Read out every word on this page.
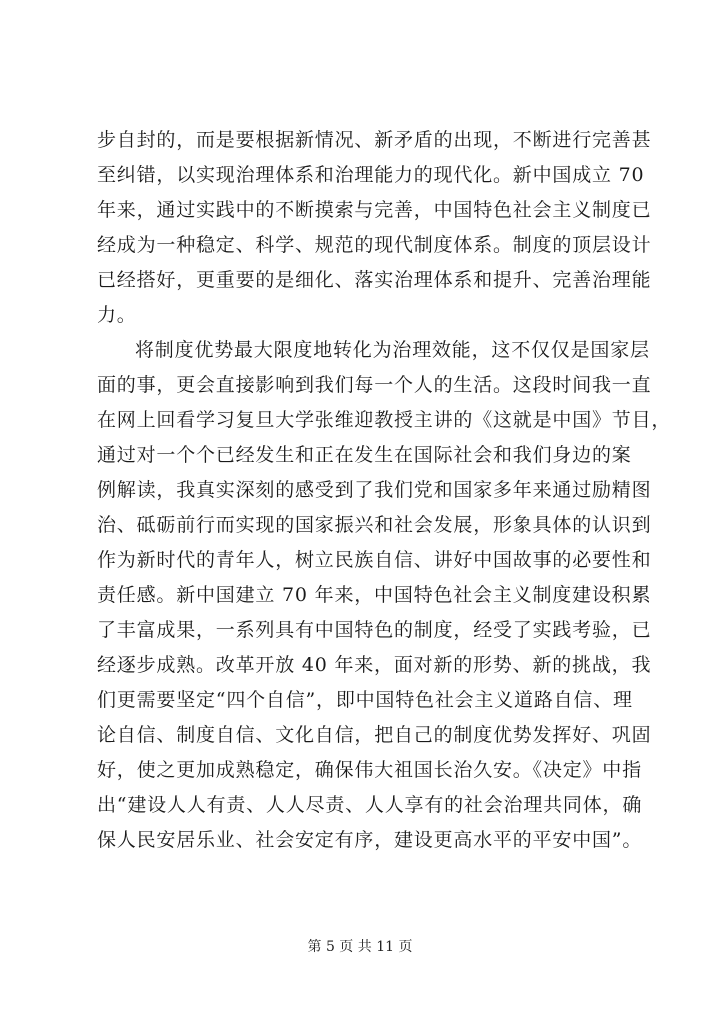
步自封的，而是要根据新情况、新矛盾的出现，不断进行完善甚
至纠错，以实现治理体系和治理能力的现代化。新中国成立 70
年来，通过实践中的不断摸索与完善，中国特色社会主义制度已
经成为一种稳定、科学、规范的现代制度体系。制度的顶层设计
已经搭好，更重要的是细化、落实治理体系和提升、完善治理能
力。
将制度优势最大限度地转化为治理效能，这不仅仅是国家层
面的事，更会直接影响到我们每一个人的生活。这段时间我一直
在网上回看学习复旦大学张维迎教授主讲的《这就是中国》节目，
通过对一个个已经发生和正在发生在国际社会和我们身边的案
例解读，我真实深刻的感受到了我们党和国家多年来通过励精图
治、砥砺前行而实现的国家振兴和社会发展，形象具体的认识到
作为新时代的青年人，树立民族自信、讲好中国故事的必要性和
责任感。新中国建立 70 年来，中国特色社会主义制度建设积累
了丰富成果，一系列具有中国特色的制度，经受了实践考验，已
经逐步成熟。改革开放 40 年来，面对新的形势、新的挑战，我
们更需要坚定“四个自信”，即中国特色社会主义道路自信、理
论自信、制度自信、文化自信，把自己的制度优势发挥好、巩固
好，使之更加成熟稳定，确保伟大祖国长治久安。《决定》中指
出“建设人人有责、人人尽责、人人享有的社会治理共同体，确
保人民安居乐业、社会安定有序，建设更高水平的平安中国”。
第 5 页 共 11 页
